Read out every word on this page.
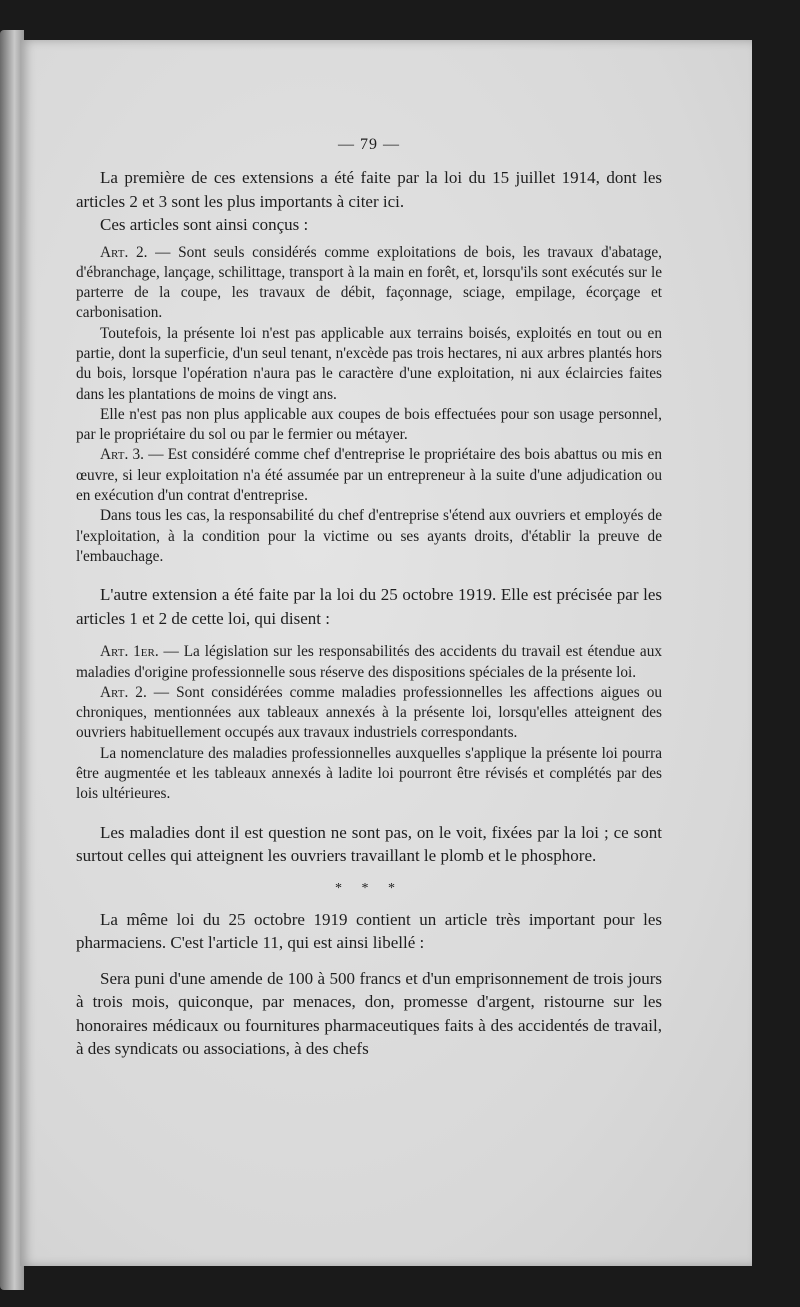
— 79 —

La première de ces extensions a été faite par la loi du 15 juillet 1914, dont les articles 2 et 3 sont les plus importants à citer ici.

Ces articles sont ainsi conçus :

Art. 2. — Sont seuls considérés comme exploitations de bois, les travaux d'abatage, d'ébranchage, lançage, schilittage, transport à la main en forêt, et, lorsqu'ils sont exécutés sur le parterre de la coupe, les travaux de débit, façonnage, sciage, empilage, écorçage et carbonisation.

Toutefois, la présente loi n'est pas applicable aux terrains boisés, exploités en tout ou en partie, dont la superficie, d'un seul tenant, n'excède pas trois hectares, ni aux arbres plantés hors du bois, lorsque l'opération n'aura pas le caractère d'une exploitation, ni aux éclaircies faites dans les plantations de moins de vingt ans.

Elle n'est pas non plus applicable aux coupes de bois effectuées pour son usage personnel, par le propriétaire du sol ou par le fermier ou métayer.

Art. 3. — Est considéré comme chef d'entreprise le propriétaire des bois abattus ou mis en œuvre, si leur exploitation n'a été assumée par un entrepreneur à la suite d'une adjudication ou en exécution d'un contrat d'entreprise.

Dans tous les cas, la responsabilité du chef d'entreprise s'étend aux ouvriers et employés de l'exploitation, à la condition pour la victime ou ses ayants droits, d'établir la preuve de l'embauchage.

L'autre extension a été faite par la loi du 25 octobre 1919. Elle est précisée par les articles 1 et 2 de cette loi, qui disent :

Art. 1er. — La législation sur les responsabilités des accidents du travail est étendue aux maladies d'origine professionnelle sous réserve des dispositions spéciales de la présente loi.

Art. 2. — Sont considérées comme maladies professionnelles les affections aigues ou chroniques, mentionnées aux tableaux annexés à la présente loi, lorsqu'elles atteignent des ouvriers habituellement occupés aux travaux industriels correspondants.

La nomenclature des maladies professionnelles auxquelles s'applique la présente loi pourra être augmentée et les tableaux annexés à ladite loi pourront être révisés et complétés par des lois ultérieures.

Les maladies dont il est question ne sont pas, on le voit, fixées par la loi ; ce sont surtout celles qui atteignent les ouvriers travaillant le plomb et le phosphore.

* * *

La même loi du 25 octobre 1919 contient un article très important pour les pharmaciens. C'est l'article 11, qui est ainsi libellé :

Sera puni d'une amende de 100 à 500 francs et d'un emprisonnement de trois jours à trois mois, quiconque, par menaces, don, promesse d'argent, ristourne sur les honoraires médicaux ou fournitures pharmaceutiques faits à des accidentés de travail, à des syndicats ou associations, à des chefs
